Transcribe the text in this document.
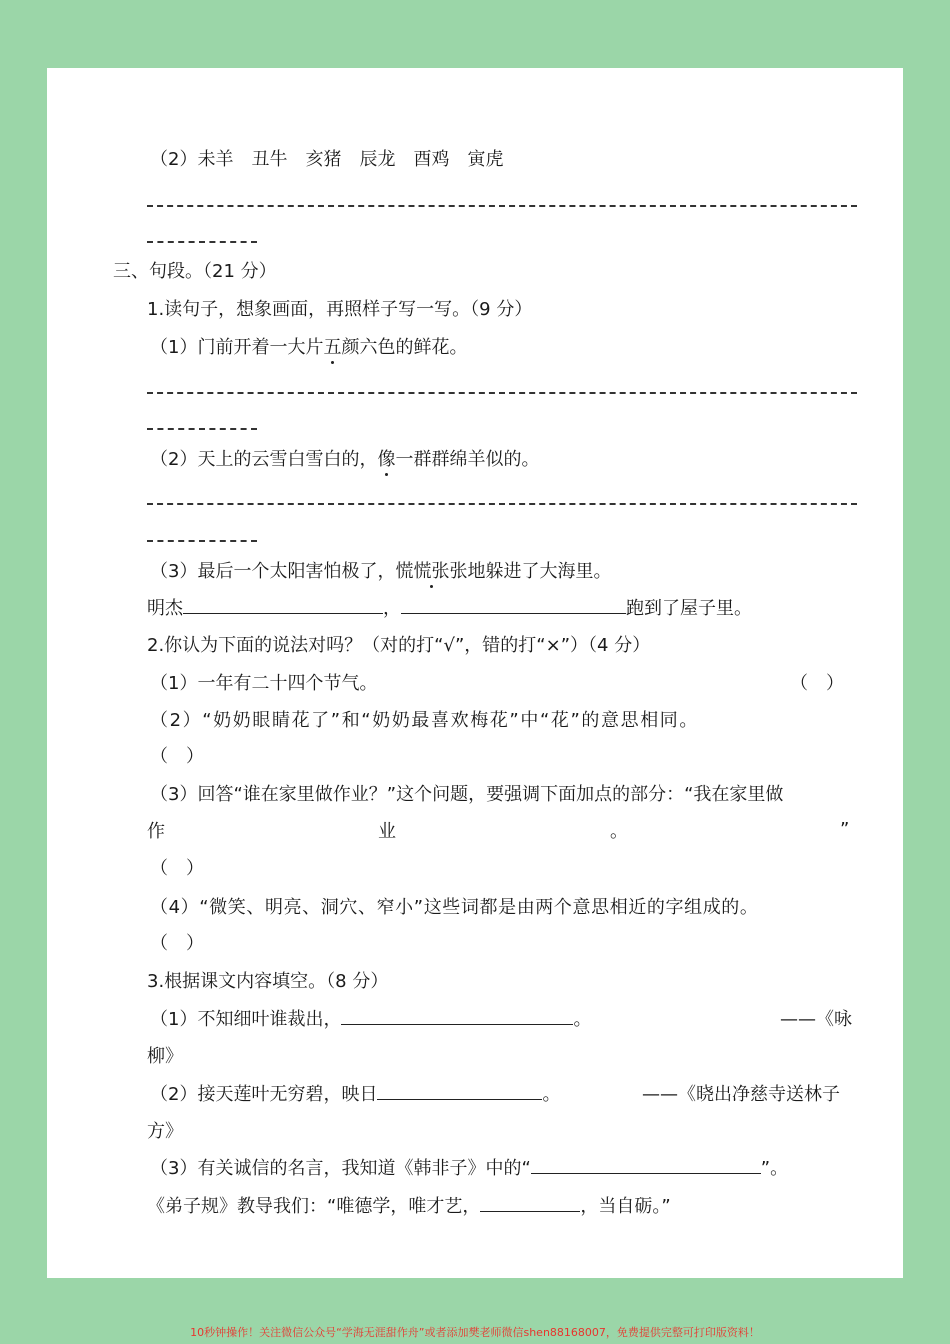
（2）未羊　丑牛　亥猪　辰龙　酉鸡　寅虎
三、句段。（21 分）
1.读句子，想象画面，再照样子写一写。（9 分）
（1）门前开着一大片五颜六色的鲜花。
（2）天上的云雪白雪白的，像一群群绵羊似的。
（3）最后一个太阳害怕极了，慌慌张张地躲进了大海里。
明杰	，	跑到了屋子里。
2.你认为下面的说法对吗？（对的打“√”，错的打“×”）（4 分）
（1）一年有二十四个节气。	（　）
（2）“奶奶眼睛花了”和“奶奶最喜欢梅花”中“花”的意思相同。
（　）
（3）回答“谁在家里做作业？”这个问题，要强调下面加点的部分：“我在家里做
作	业	。	”
（　）
（4）“微笑、明亮、洞穴、窄小”这些词都是由两个意思相近的字组成的。
（　）
3.根据课文内容填空。（8 分）
（1）不知细叶谁裁出，	。	——《咏
柳》
（2）接天莲叶无穷碧，映日	。	——《晓出净慈寺送林子
方》
（3）有关诚信的名言，我知道《韩非子》中的“	”。
《弟子规》教导我们：“唯德学，唯才艺，	，当自砺。”
10秒钟操作！关注微信公众号“学海无涯甜作舟”或者添加樊老师微信shen88168007，免费提供完整可打印版资料！
